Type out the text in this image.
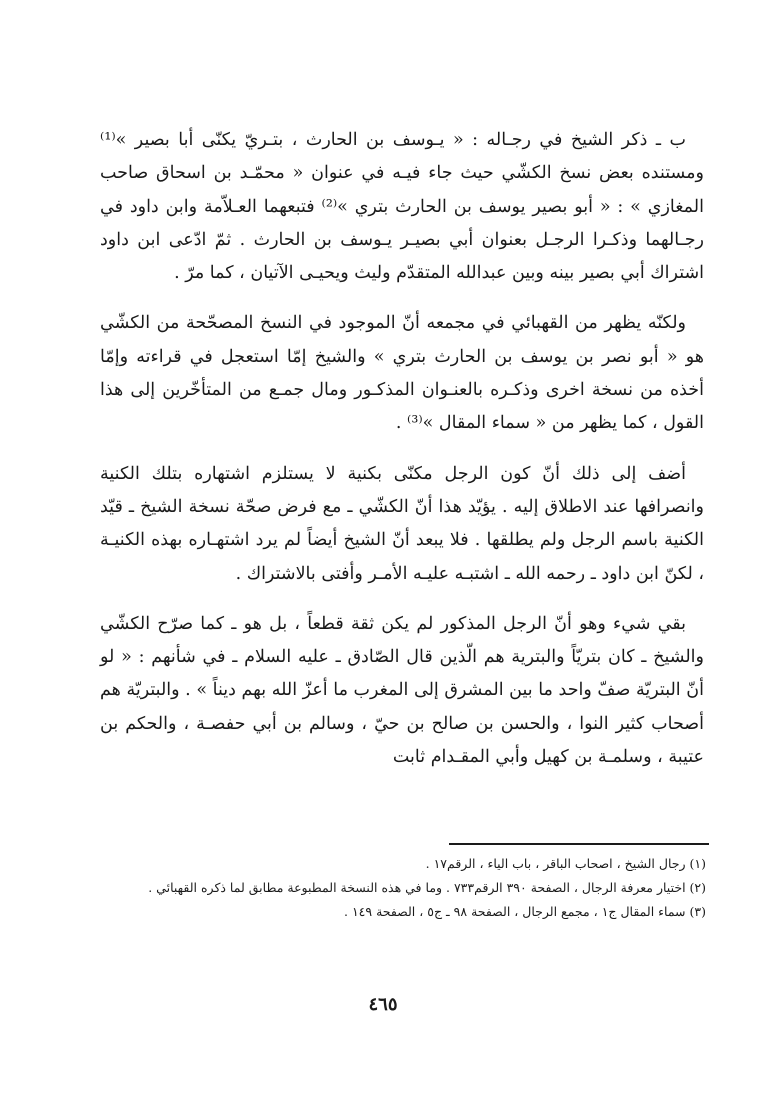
ب ـ ذكر الشيخ في رجـاله : « يـوسف بن الحارث ، بتـريّ يكنّى أبا بصير »⁽¹⁾ ومستنده بعض نسخ الكشّي حيث جاء فيـه في عنوان « محمّـد بن اسحاق صاحب المغازي » : « أبو بصير يوسف بن الحارث بتري »⁽²⁾ فتبعهما العـلاّمة وابن داود في رجـالهما وذكـرا الرجـل بعنوان أبي بصيـر يـوسف بن الحارث . ثمّ ادّعى ابن داود اشتراك أبي بصير بينه وبين عبدالله المتقدّم وليث ويحيـى الآتيان ، كما مرّ .

ولكنّه يظهر من القهبائي في مجمعه أنّ الموجود في النسخ المصحّحة من الكشّي هو « أبو نصر بن يوسف بن الحارث بتري » والشيخ إمّا استعجل في قراءته وإمّا أخذه من نسخة اخرى وذكـره بالعنـوان المذكـور ومال جمـع من المتأخّرين إلى هذا القول ، كما يظهر من « سماء المقال »⁽³⁾ .

أضف إلى ذلك أنّ كون الرجل مكنّى بكنية لا يستلزم اشتهاره بتلك الكنية وانصرافها عند الاطلاق إليه . يؤيّد هذا أنّ الكشّي ـ مع فرض صحّة نسخة الشيخ ـ قيّد الكنية باسم الرجل ولم يطلقها . فلا يبعد أنّ الشيخ أيضاً لم يرد اشتهـاره بهذه الكنيـة ، لكنّ ابن داود ـ رحمه الله ـ اشتبـه عليـه الأمـر وأفتى بالاشتراك .

بقي شيء وهو أنّ الرجل المذكور لم يكن ثقة قطعاً ، بل هو ـ كما صرّح الكشّي والشيخ ـ كان بتريّاً والبترية هم الّذين قال الصّادق ـ عليه السلام ـ في شأنهم : « لو أنّ البتريّة صفّ واحد ما بين المشرق إلى المغرب ما أعزّ الله بهم ديناً » . والبتريّة هم أصحاب كثير النوا ، والحسن بن صالح بن حيّ ، وسالم بن أبي حفصـة ، والحكم بن عتيبة ، وسلمـة بن كهيل وأبي المقـدام ثابت

(١) رجال الشيخ ، اصحاب الباقر ، باب الياء ، الرقم١٧ .

(٢) اختيار معرفة الرجال ، الصفحة ٣٩٠ الرقم٧٣٣ . وما في هذه النسخة المطبوعة مطابق لما ذكره القهبائي .

(٣) سماء المقال ج١ ، مجمع الرجال ، الصفحة ٩٨ ـ ج٥ ، الصفحة ١٤٩ .

٤٦٥
